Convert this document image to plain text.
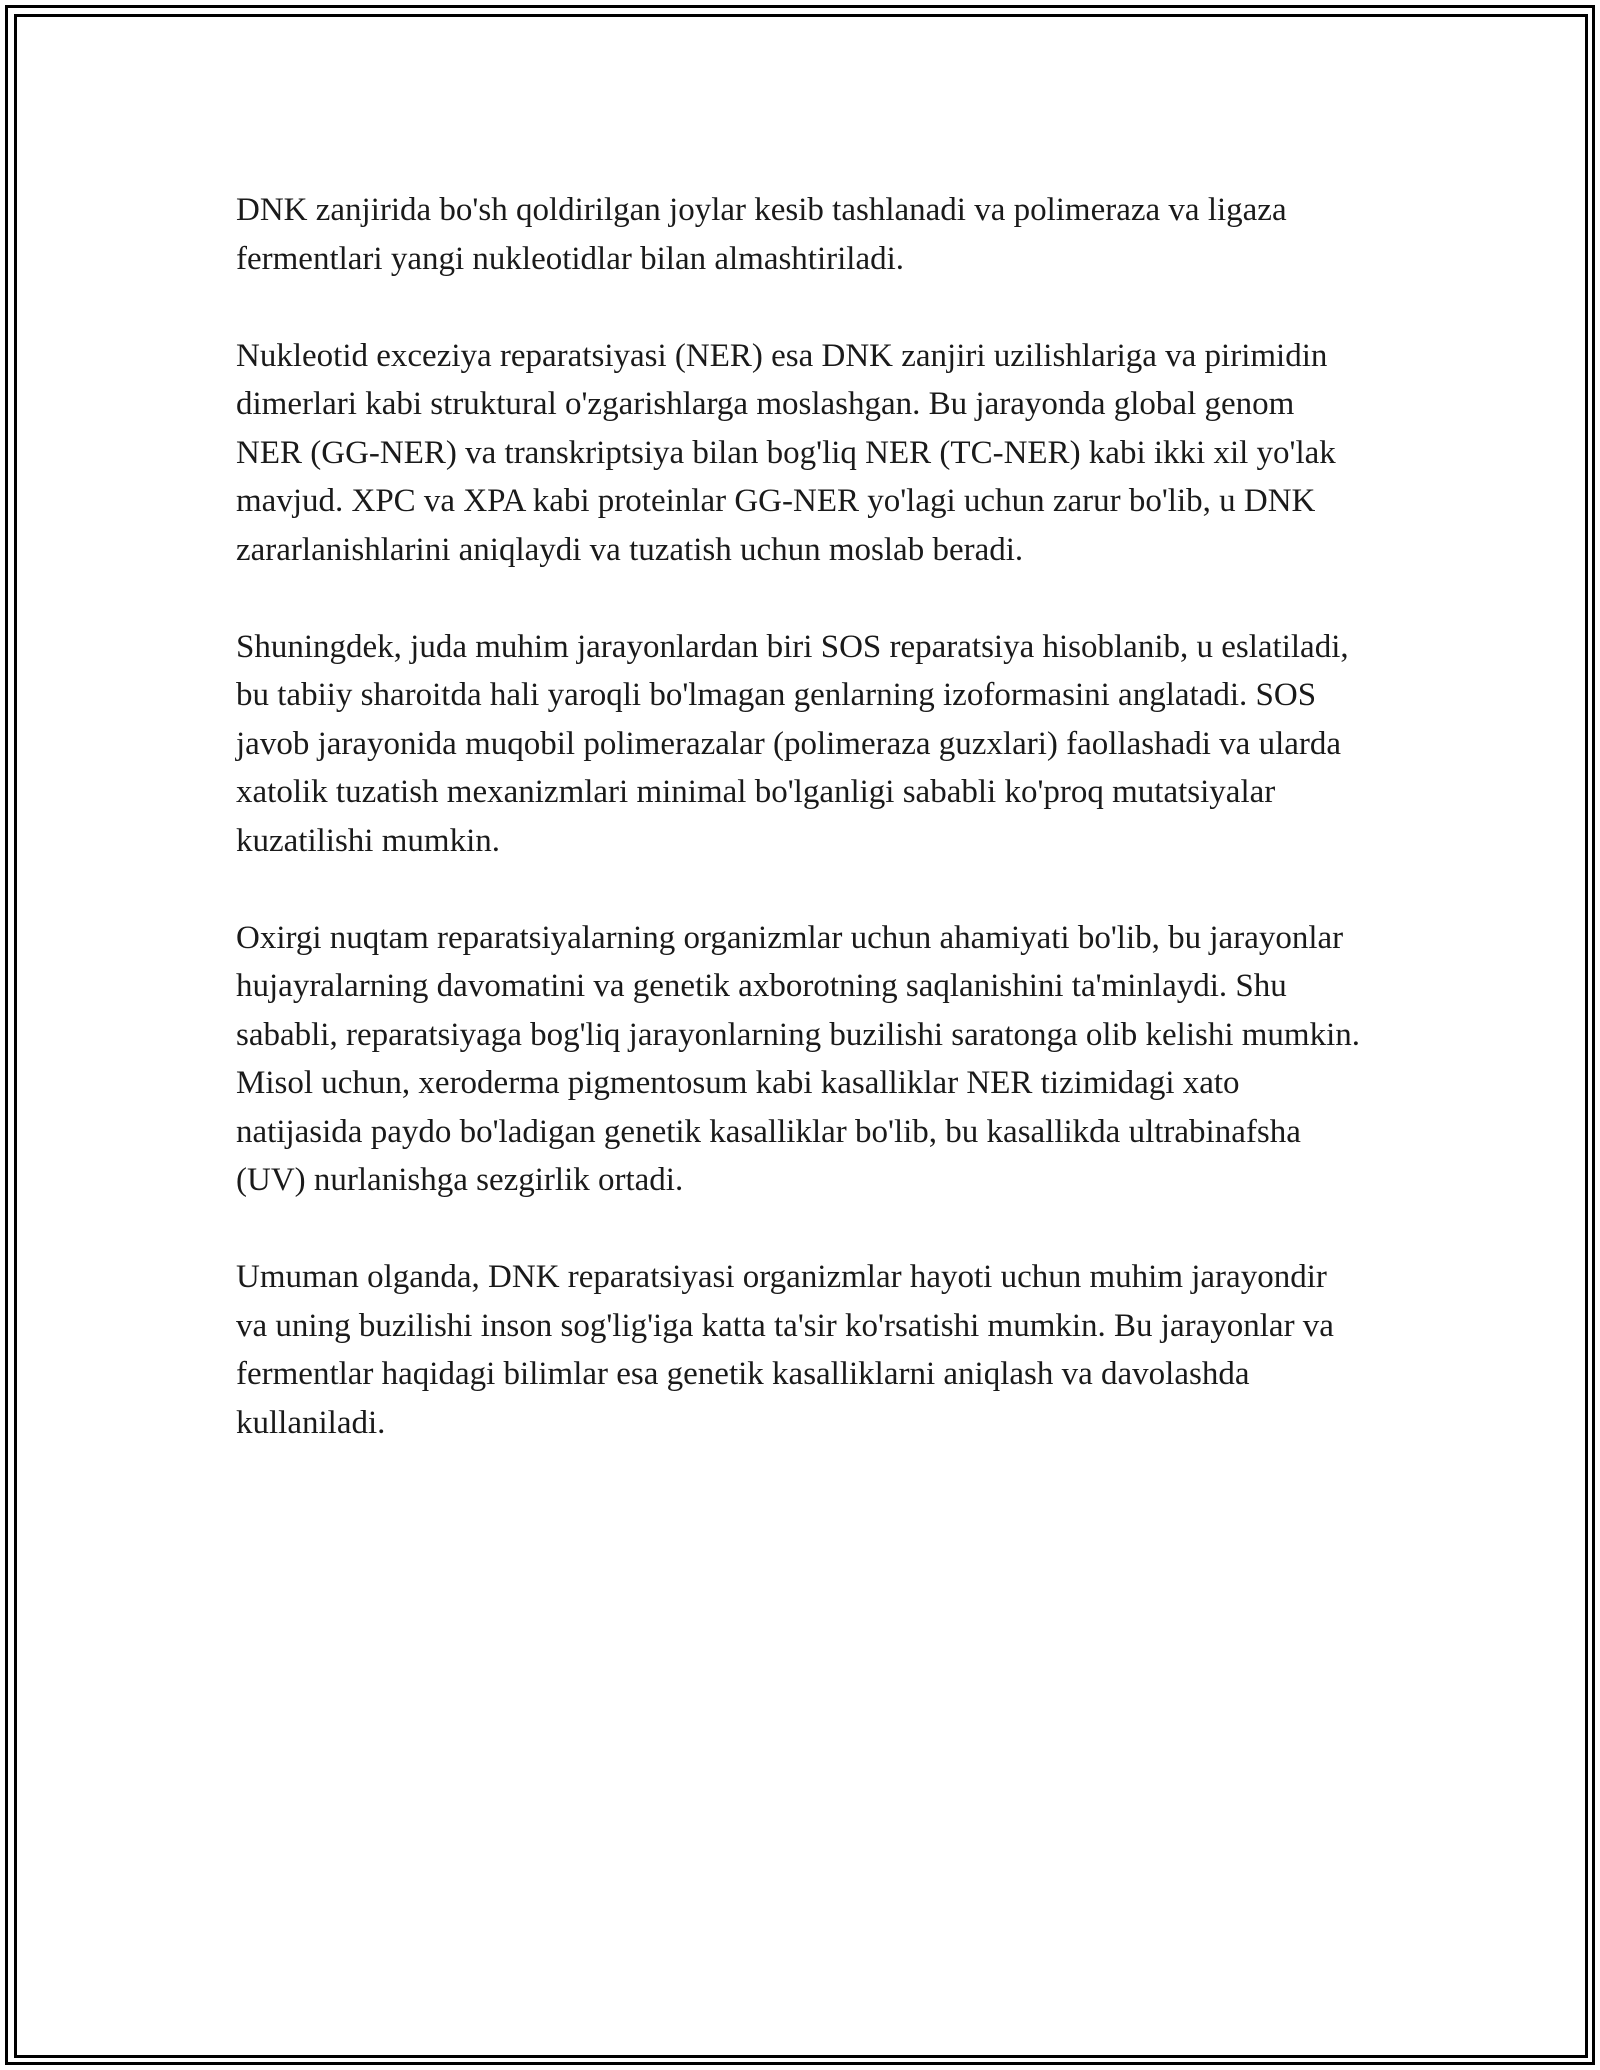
DNK zanjirida bo'sh qoldirilgan joylar kesib tashlanadi va polimeraza va ligaza fermentlari yangi nukleotidlar bilan almashtiriladi.

Nukleotid exceziya reparatsiyasi (NER) esa DNK zanjiri uzilishlariga va pirimidin dimerlari kabi struktural o'zgarishlarga moslashgan. Bu jarayonda global genom NER (GG-NER) va transkriptsiya bilan bog'liq NER (TC-NER) kabi ikki xil yo'lak mavjud. XPC va XPA kabi proteinlar GG-NER yo'lagi uchun zarur bo'lib, u DNK zararlanishlarini aniqlaydi va tuzatish uchun moslab beradi.

Shuningdek, juda muhim jarayonlardan biri SOS reparatsiya hisoblanib, u eslatiladi, bu tabiiy sharoitda hali yaroqli bo'lmagan genlarning izoformasini anglatadi. SOS javob jarayonida muqobil polimerazalar (polimeraza guzxlari) faollashadi va ularda xatolik tuzatish mexanizmlari minimal bo'lganligi sababli ko'proq mutatsiyalar kuzatilishi mumkin.

Oxirgi nuqtam reparatsiyalarning organizmlar uchun ahamiyati bo'lib, bu jarayonlar hujayralarning davomatini va genetik axborotning saqlanishini ta'minlaydi. Shu sababli, reparatsiyaga bog'liq jarayonlarning buzilishi saratonga olib kelishi mumkin. Misol uchun, xeroderma pigmentosum kabi kasalliklar NER tizimidagi xato natijasida paydo bo'ladigan genetik kasalliklar bo'lib, bu kasallikda ultrabinafsha (UV) nurlanishga sezgirlik ortadi.

Umuman olganda, DNK reparatsiyasi organizmlar hayoti uchun muhim jarayondir va uning buzilishi inson sog'lig'iga katta ta'sir ko'rsatishi mumkin. Bu jarayonlar va fermentlar haqidagi bilimlar esa genetik kasalliklarni aniqlash va davolashda kullaniladi.
